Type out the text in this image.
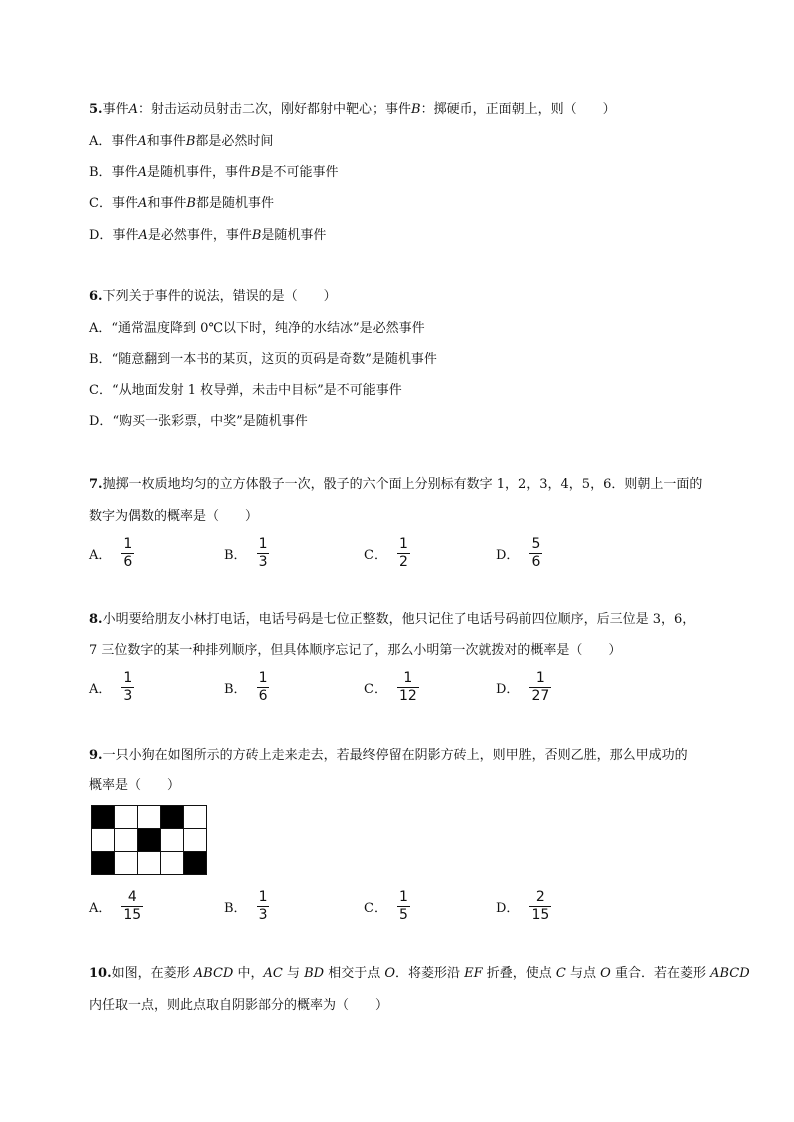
5.事件A：射击运动员射击二次，刚好都射中靶心；事件B：掷硬币，正面朝上，则（　　）
A．事件A和事件B都是必然时间
B．事件A是随机事件，事件B是不可能事件
C．事件A和事件B都是随机事件
D．事件A是必然事件，事件B是随机事件
6.下列关于事件的说法，错误的是（　　）
A．“通常温度降到 0℃以下时，纯净的水结冰”是必然事件
B．“随意翻到一本书的某页，这页的页码是奇数”是随机事件
C．“从地面发射 1 枚导弹，未击中目标”是不可能事件
D．“购买一张彩票，中奖”是随机事件
7.抛掷一枚质地均匀的立方体骰子一次，骰子的六个面上分别标有数字 1，2，3，4，5，6．则朝上一面的
数字为偶数的概率是（　　）
A． $\frac{1}{6}$	B． $\frac{1}{3}$	C． $\frac{1}{2}$	D． $\frac{5}{6}$
8.小明要给朋友小林打电话，电话号码是七位正整数，他只记住了电话号码前四位顺序，后三位是 3，6，
7 三位数字的某一种排列顺序，但具体顺序忘记了，那么小明第一次就拨对的概率是（　　）
A． $\frac{1}{3}$	B． $\frac{1}{6}$	C． $\frac{1}{12}$	D． $\frac{1}{27}$
9.一只小狗在如图所示的方砖上走来走去，若最终停留在阴影方砖上，则甲胜，否则乙胜，那么甲成功的
概率是（　　）

A． $\frac{4}{15}$	B． $\frac{1}{3}$	C． $\frac{1}{5}$	D． $\frac{2}{15}$
10.如图，在菱形 ABCD 中，AC 与 BD 相交于点 O．将菱形沿 EF 折叠，使点 C 与点 O 重合．若在菱形 ABCD
内任取一点，则此点取自阴影部分的概率为（　　）
